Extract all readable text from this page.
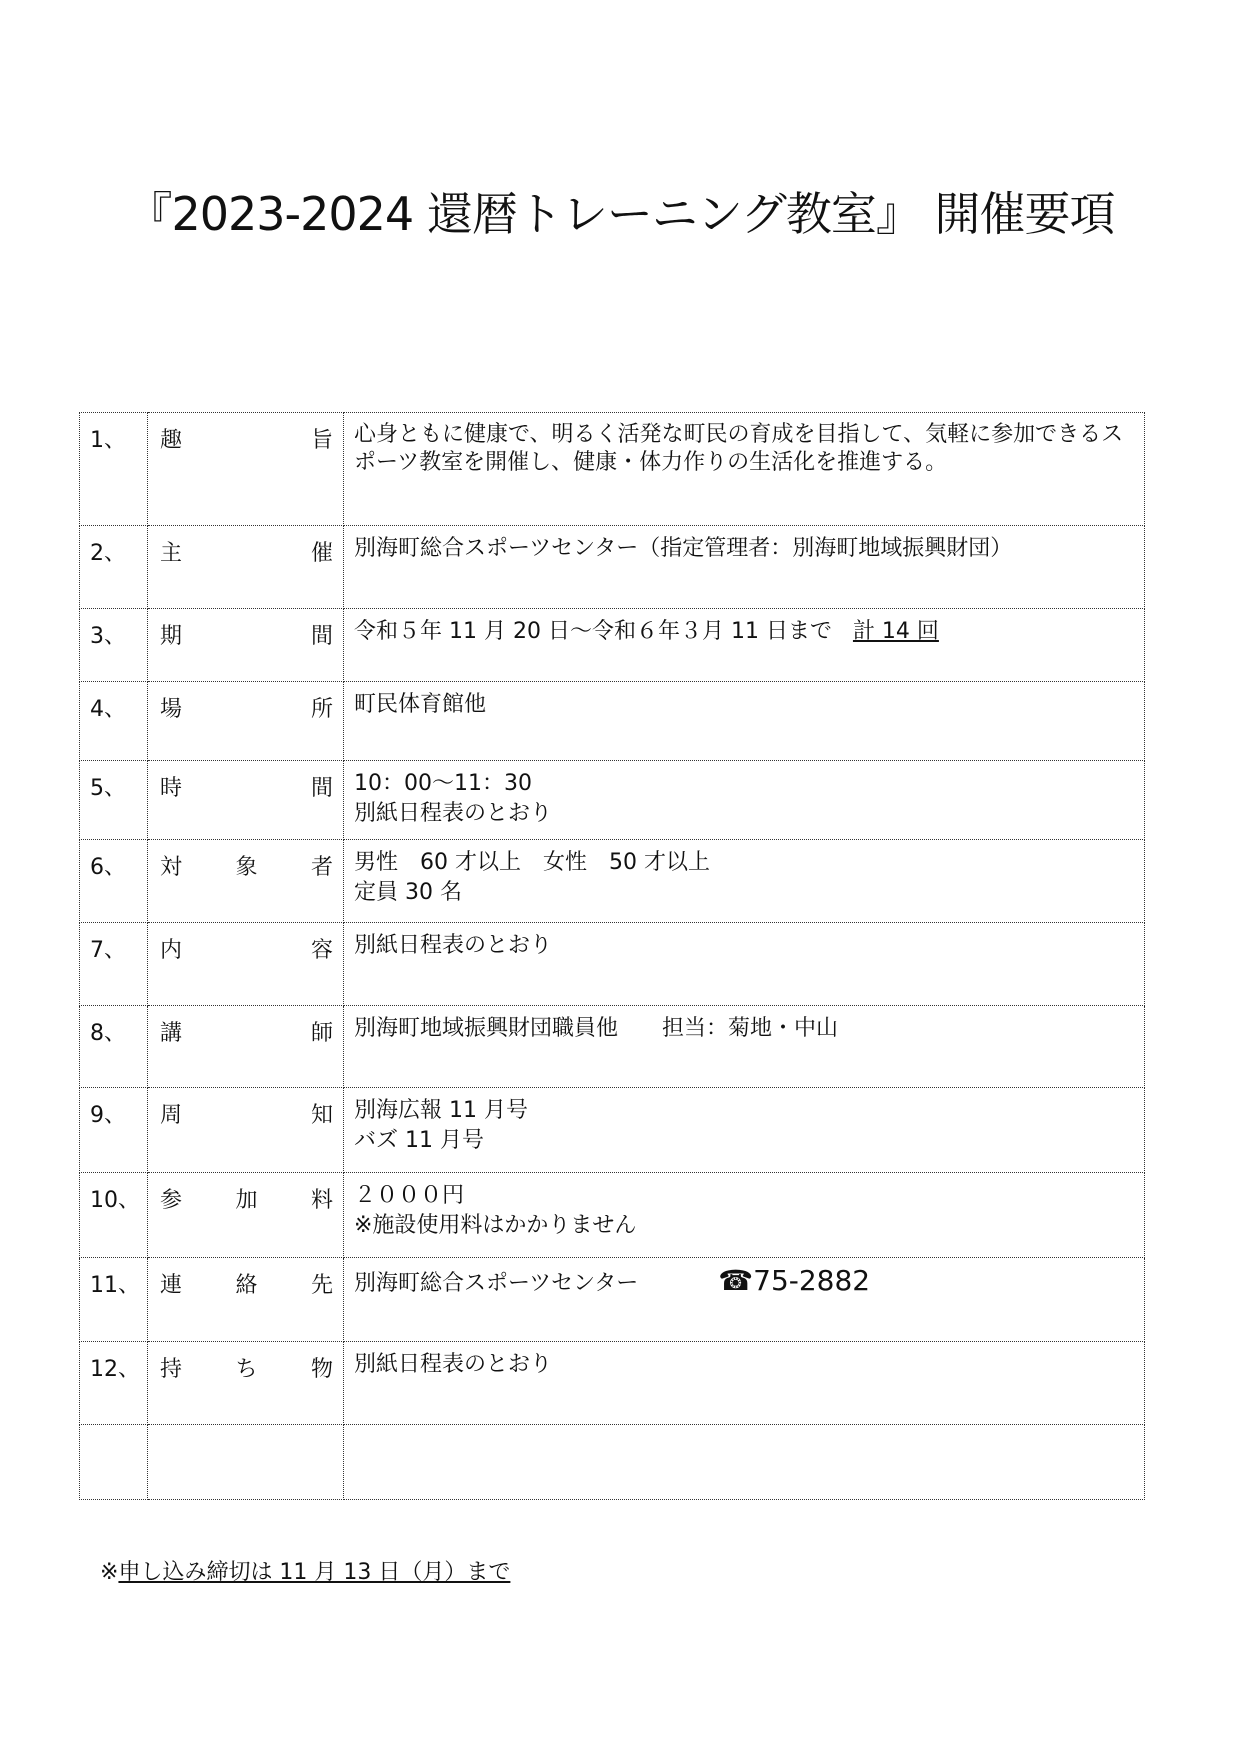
『2023-2024 還暦トレーニング教室』 開催要項
1、	趣 旨	心身ともに健康で、明るく活発な町民の育成を目指して、気軽に参加できるスポーツ教室を開催し、健康・体力作りの生活化を推進する。

2、	主 催	別海町総合スポーツセンター（指定管理者：別海町地域振興財団）

3、	期 間	令和５年 11 月 20 日～令和６年３月 11 日まで 計 14 回

4、	場 所	町民体育館他

5、	時 間	10：00～11：30
別紙日程表のとおり

6、	対 象 者	男性　60 才以上　女性　50 才以上
定員 30 名

7、	内 容	別紙日程表のとおり

8、	講 師	別海町地域振興財団職員他　　担当：菊地・中山

9、	周 知	別海広報 11 月号
バズ 11 月号

10、	参 加 料	２０００円
※施設使用料はかかりません

11、	連 絡 先	別海町総合スポーツセンター ☎75-2882

12、	持 ち 物	別紙日程表のとおり

※申し込み締切は 11 月 13 日（月）まで
